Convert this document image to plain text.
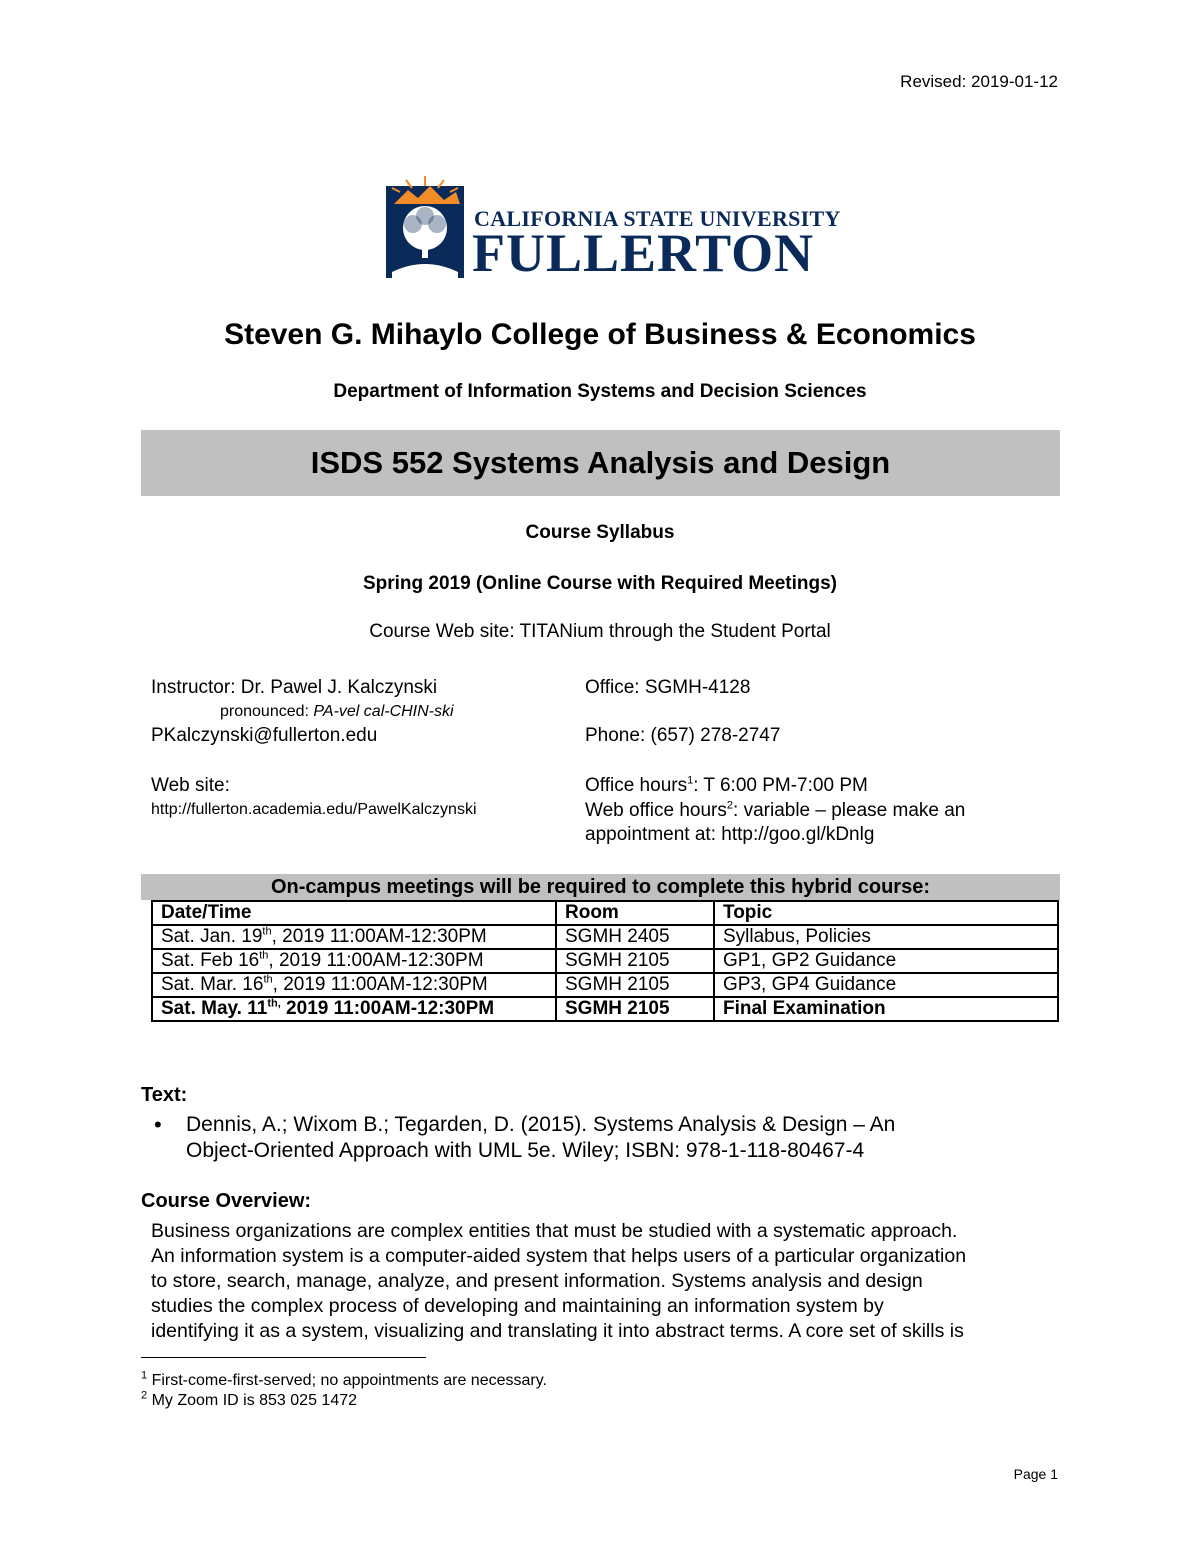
Revised: 2019-01-12
CALIFORNIA STATE UNIVERSITY
FULLERTON
Steven G. Mihaylo College of Business & Economics
Department of Information Systems and Decision Sciences
ISDS 552 Systems Analysis and Design
Course Syllabus
Spring 2019 (Online Course with Required Meetings)
Course Web site: TITANium through the Student Portal
Instructor: Dr. Pawel J. Kalczynski
pronounced: PA-vel cal-CHIN-ski
PKalczynski@fullerton.edu
Web site:
http://fullerton.academia.edu/PawelKalczynski
Office: SGMH-4128
Phone: (657) 278-2747
Office hours$^1$: T 6:00 PM-7:00 PM
Web office hours$^2$: variable – please make an
appointment at: http://goo.gl/kDnlg
On-campus meetings will be required to complete this hybrid course:
Date/Time	Room	Topic
Sat. Jan. 19th, 2019 11:00AM-12:30PM	SGMH 2405	Syllabus, Policies
Sat. Feb 16th, 2019 11:00AM-12:30PM	SGMH 2105	GP1, GP2 Guidance
Sat. Mar. 16th, 2019 11:00AM-12:30PM	SGMH 2105	GP3, GP4 Guidance
Sat. May. $11^{th,}$ 2019 11:00AM-12:30PM	SGMH 2105	Final Examination
Text:
• Dennis, A.; Wixom B.; Tegarden, D. (2015). Systems Analysis & Design – An
Object-Oriented Approach with UML 5e. Wiley; ISBN: 978-1-118-80467-4
Course Overview:
Business organizations are complex entities that must be studied with a systematic approach.
An information system is a computer-aided system that helps users of a particular organization
to store, search, manage, analyze, and present information. Systems analysis and design
studies the complex process of developing and maintaining an information system by
identifying it as a system, visualizing and translating it into abstract terms. A core set of skills is
$^1$ First-come-first-served; no appointments are necessary.
$^2$ My Zoom ID is 853 025 1472
Page 1
